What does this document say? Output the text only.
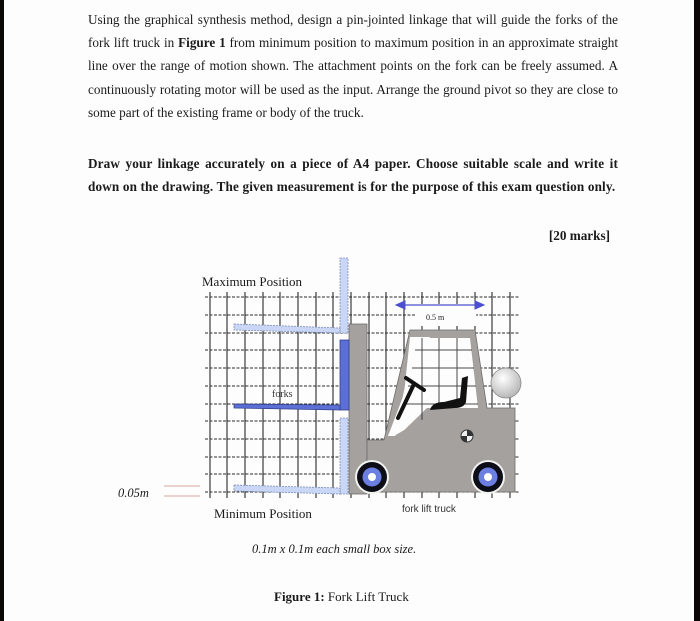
Using the graphical synthesis method, design a pin-jointed linkage that will guide the forks of the fork lift truck in Figure 1 from minimum position to maximum position in an approximate straight line over the range of motion shown. The attachment points on the fork can be freely assumed. A continuously rotating motor will be used as the input. Arrange the ground pivot so they are close to some part of the existing frame or body of the truck.

Draw your linkage accurately on a piece of A4 paper. Choose suitable scale and write it down on the drawing. The given measurement is for the purpose of this exam question only.

[20 marks]
Maximum Position
forks
0.5 m
0.05m
Minimum Position	fork lift truck
0.1m x 0.1m each small box size.
Figure 1: Fork Lift Truck
